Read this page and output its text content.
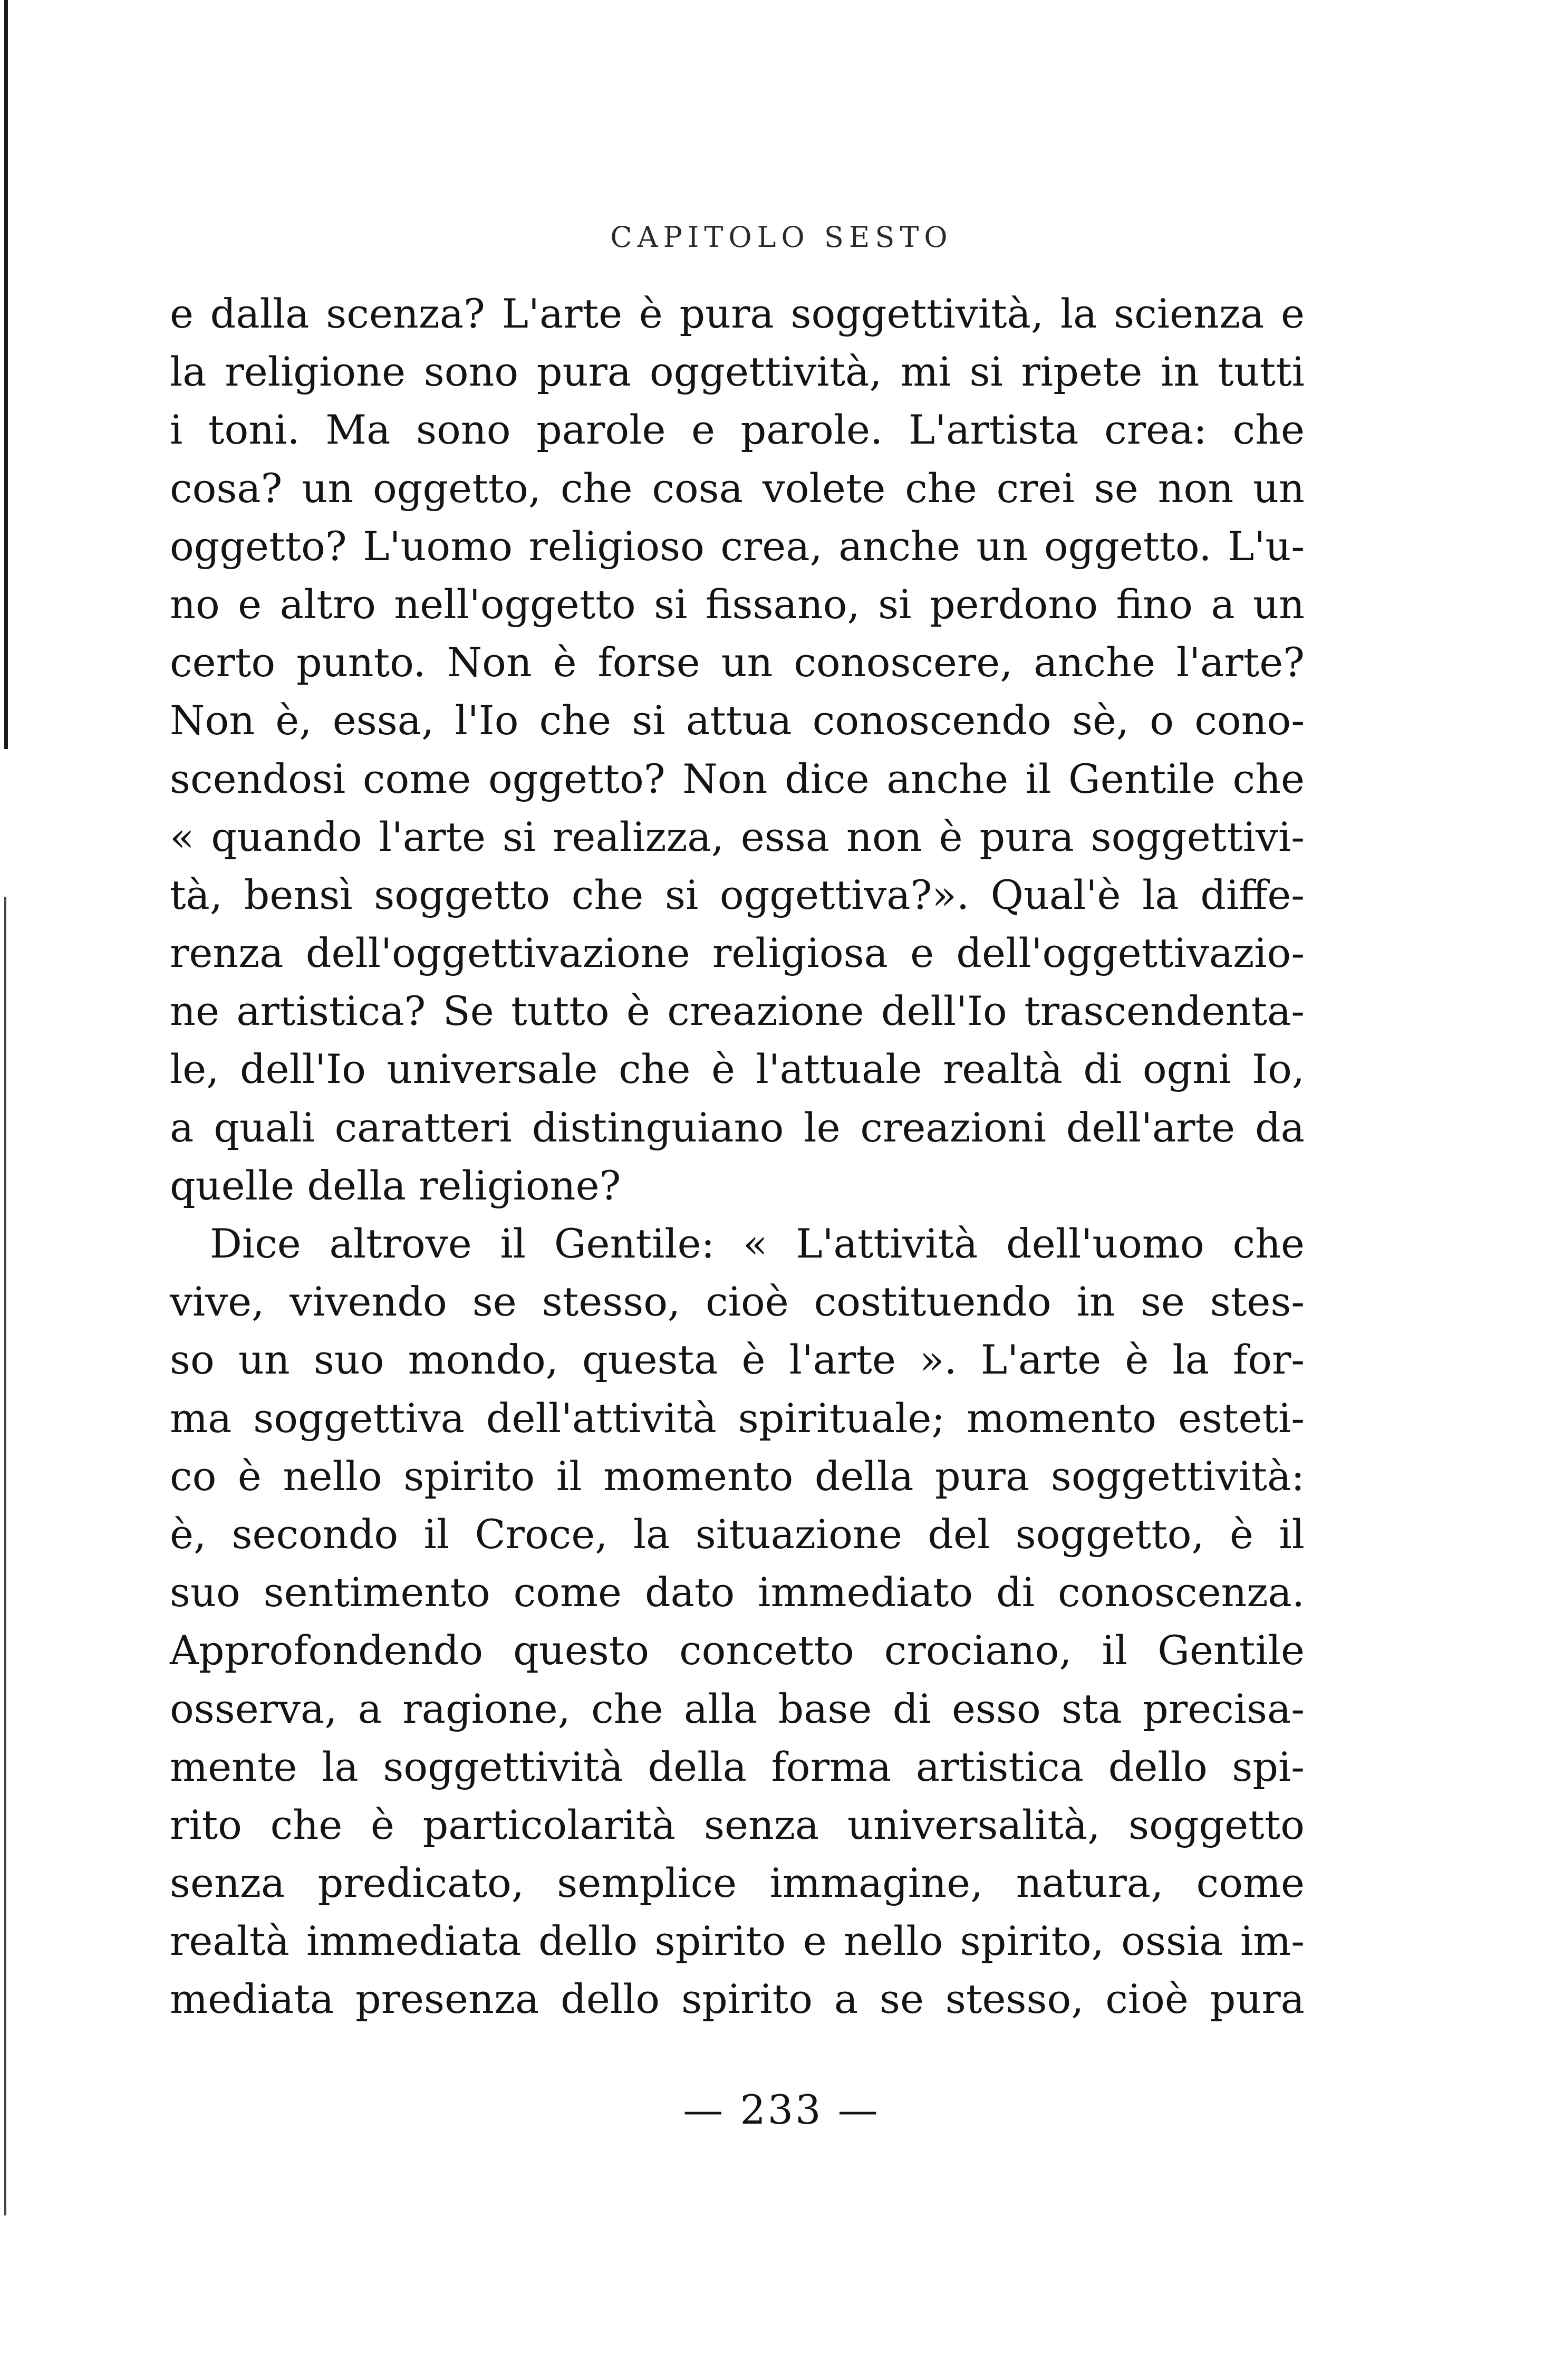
CAPITOLO SESTO
e dalla scenza? L'arte è pura soggettività, la scienza e
la religione sono pura oggettività, mi si ripete in tutti
i toni. Ma sono parole e parole. L'artista crea: che
cosa? un oggetto, che cosa volete che crei se non un
oggetto? L'uomo religioso crea, anche un oggetto. L'u-
no e altro nell'oggetto si fissano, si perdono fino a un
certo punto. Non è forse un conoscere, anche l'arte?
Non è, essa, l'Io che si attua conoscendo sè, o cono-
scendosi come oggetto? Non dice anche il Gentile che
« quando l'arte si realizza, essa non è pura soggettivi-
tà, bensì soggetto che si oggettiva?». Qual'è la diffe-
renza dell'oggettivazione religiosa e dell'oggettivazio-
ne artistica? Se tutto è creazione dell'Io trascendenta-
le, dell'Io universale che è l'attuale realtà di ogni Io,
a quali caratteri distinguiano le creazioni dell'arte da
quelle della religione?
Dice altrove il Gentile: « L'attività dell'uomo che
vive, vivendo se stesso, cioè costituendo in se stes-
so un suo mondo, questa è l'arte ». L'arte è la for-
ma soggettiva dell'attività spirituale; momento esteti-
co è nello spirito il momento della pura soggettività:
è, secondo il Croce, la situazione del soggetto, è il
suo sentimento come dato immediato di conoscenza.
Approfondendo questo concetto crociano, il Gentile
osserva, a ragione, che alla base di esso sta precisa-
mente la soggettività della forma artistica dello spi-
rito che è particolarità senza universalità, soggetto
senza predicato, semplice immagine, natura, come
realtà immediata dello spirito e nello spirito, ossia im-
mediata presenza dello spirito a se stesso, cioè pura
— 233 —
